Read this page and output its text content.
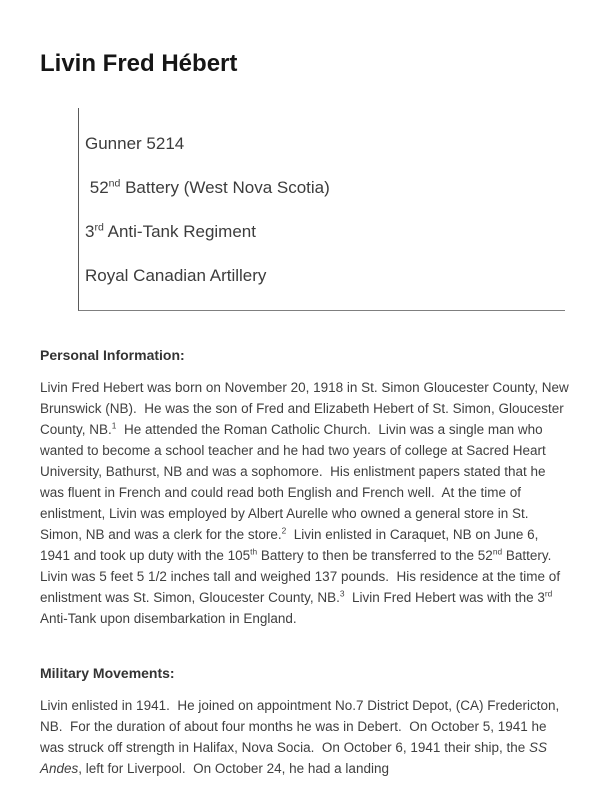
Livin Fred Hébert
Gunner 5214
52nd Battery (West Nova Scotia)
3rd Anti-Tank Regiment
Royal Canadian Artillery
Personal Information:

Livin Fred Hebert was born on November 20, 1918 in St. Simon Gloucester County, New Brunswick (NB).  He was the son of Fred and Elizabeth Hebert of St. Simon, Gloucester County, NB.$^1$  He attended the Roman Catholic Church.  Livin was a single man who wanted to become a school teacher and he had two years of college at Sacred Heart University, Bathurst, NB and was a sophomore.  His enlistment papers stated that he was fluent in French and could read both English and French well.  At the time of enlistment, Livin was employed by Albert Aurelle who owned a general store in St. Simon, NB and was a clerk for the store.$^2$  Livin enlisted in Caraquet, NB on June 6, 1941 and took up duty with the 105th Battery to then be transferred to the 52nd Battery.  Livin was 5 feet 5 1/2 inches tall and weighed 137 pounds.  His residence at the time of enlistment was St. Simon, Gloucester County, NB.$^3$  Livin Fred Hebert was with the 3rd Anti-Tank upon disembarkation in England.

Military Movements:

Livin enlisted in 1941.  He joined on appointment No.7 District Depot, (CA) Fredericton, NB.  For the duration of about four months he was in Debert.  On October 5, 1941 he was struck off strength in Halifax, Nova Socia.  On October 6, 1941 their ship, the SS Andes, left for Liverpool.  On October 24, he had a landing
